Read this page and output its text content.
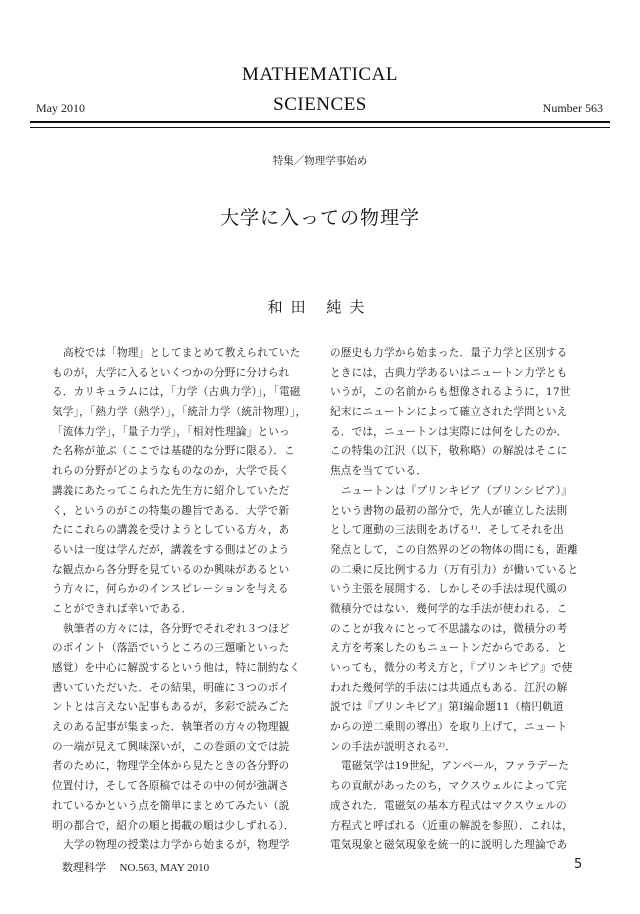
MATHEMATICAL
SCIENCES
May 2010	Number 563
特集／物理学事始め
大学に入っての物理学
和田 純夫
高校では「物理」としてまとめて教えられていた
ものが，大学に入るといくつかの分野に分けられ
る．カリキュラムには，「力学（古典力学）」，「電磁
気学」，「熱力学（熱学）」，「統計力学（統計物理）」，
「流体力学」，「量子力学」，「相対性理論」といっ
た名称が並ぶ（ここでは基礎的な分野に限る）．こ
れらの分野がどのようなものなのか，大学で長く
講義にあたってこられた先生方に紹介していただ
く，というのがこの特集の趣旨である．大学で新
たにこれらの講義を受けようとしている方々，あ
るいは一度は学んだが，講義をする側はどのよう
な観点から各分野を見ているのか興味があるとい
う方々に，何らかのインスピレーションを与える
ことができれば幸いである．
執筆者の方々には，各分野でそれぞれ３つほど
のポイント（落語でいうところの三題噺といった
感覚）を中心に解説するという他は，特に制約なく
書いていただいた．その結果，明確に３つのポイ
ントとは言えない記事もあるが，多彩で読みごた
えのある記事が集まった．執筆者の方々の物理観
の一端が見えて興味深いが，この巻頭の文では読
者のために，物理学全体から見たときの各分野の
位置付け，そして各原稿ではその中の何が強調さ
れているかという点を簡単にまとめてみたい（説
明の都合で，紹介の順と掲載の順は少しずれる）．
大学の物理の授業は力学から始まるが，物理学
の歴史も力学から始まった．量子力学と区別する
ときには，古典力学あるいはニュートン力学とも
いうが，この名前からも想像されるように，17世
紀末にニュートンによって確立された学問といえ
る．では，ニュートンは実際には何をしたのか．
この特集の江沢（以下，敬称略）の解説はそこに
焦点を当てている．
ニュートンは『プリンキピア（プリンシピア）』
という書物の最初の部分で，先人が確立した法則
として運動の三法則をあげる¹⁾．そしてそれを出
発点として，この自然界のどの物体の間にも，距離
の二乗に反比例する力（万有引力）が働いていると
いう主張を展開する．しかしその手法は現代風の
微積分ではない．幾何学的な手法が使われる．こ
のことが我々にとって不思議なのは，微積分の考
え方を考案したのもニュートンだからである．と
いっても，微分の考え方と，『プリンキピア』で使
われた幾何学的手法には共通点もある．江沢の解
説では『プリンキピア』第Ⅰ編命題11（楕円軌道
からの逆二乗則の導出）を取り上げて，ニュート
ンの手法が説明される²⁾．
電磁気学は19世紀，アンペール，ファラデーた
ちの貢献があったのち，マクスウェルによって完
成された．電磁気の基本方程式はマクスウェルの
方程式と呼ばれる（近重の解説を参照）．これは，
電気現象と磁気現象を統一的に説明した理論であ
数理科学 NO.563, MAY 2010	5
